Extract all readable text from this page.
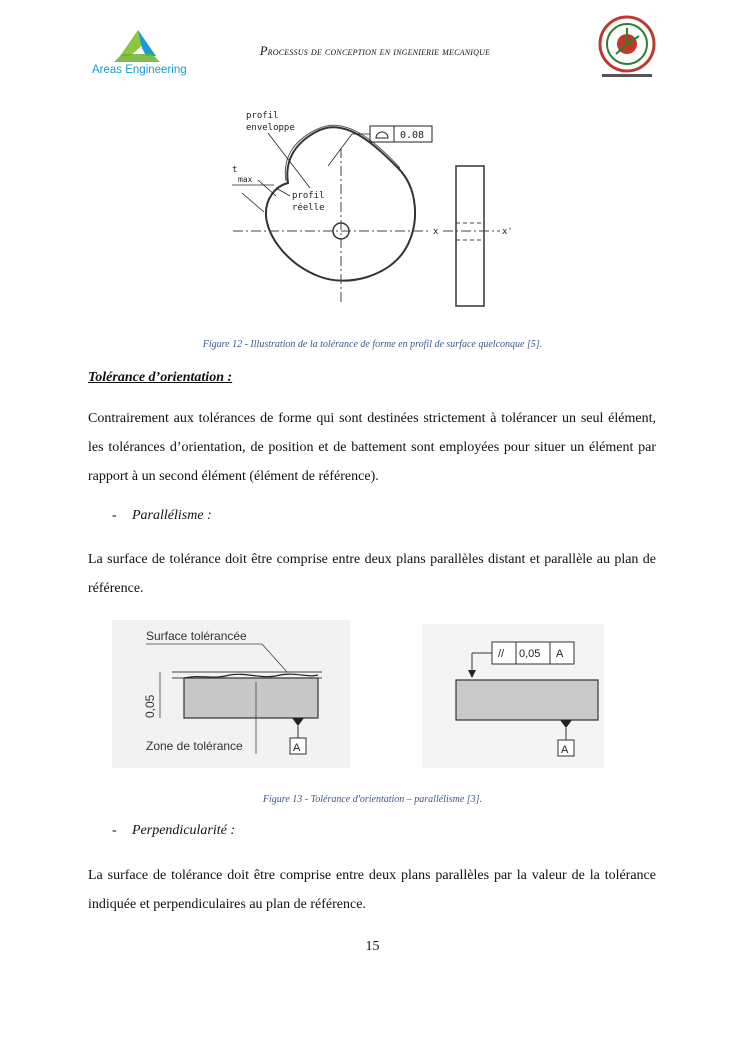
Areas Engineering
Processus de conception en ingenierie mecanique
profil
enveloppe
0.08
t
max
profil
réelle
x	x'
Figure 12 - Illustration de la tolérance de forme en profil de surface quelconque [5].
Tolérance d’orientation :
Contrairement aux tolérances de forme qui sont destinées strictement à tolérancer un seul élément, les tolérances d’orientation, de position et de battement sont employées pour situer un élément par rapport à un second élément (élément de référence).
- Parallélisme :
La surface de tolérance doit être comprise entre deux plans parallèles distant et parallèle au plan de référence.
Surface tolérancée
0,05
Zone de tolérance	A
// 0,05 A
A
Figure 13 - Tolérance d'orientation – parallélisme [3].
- Perpendicularité :
La surface de tolérance doit être comprise entre deux plans parallèles par la valeur de la tolérance indiquée et perpendiculaires au plan de référence.
15
